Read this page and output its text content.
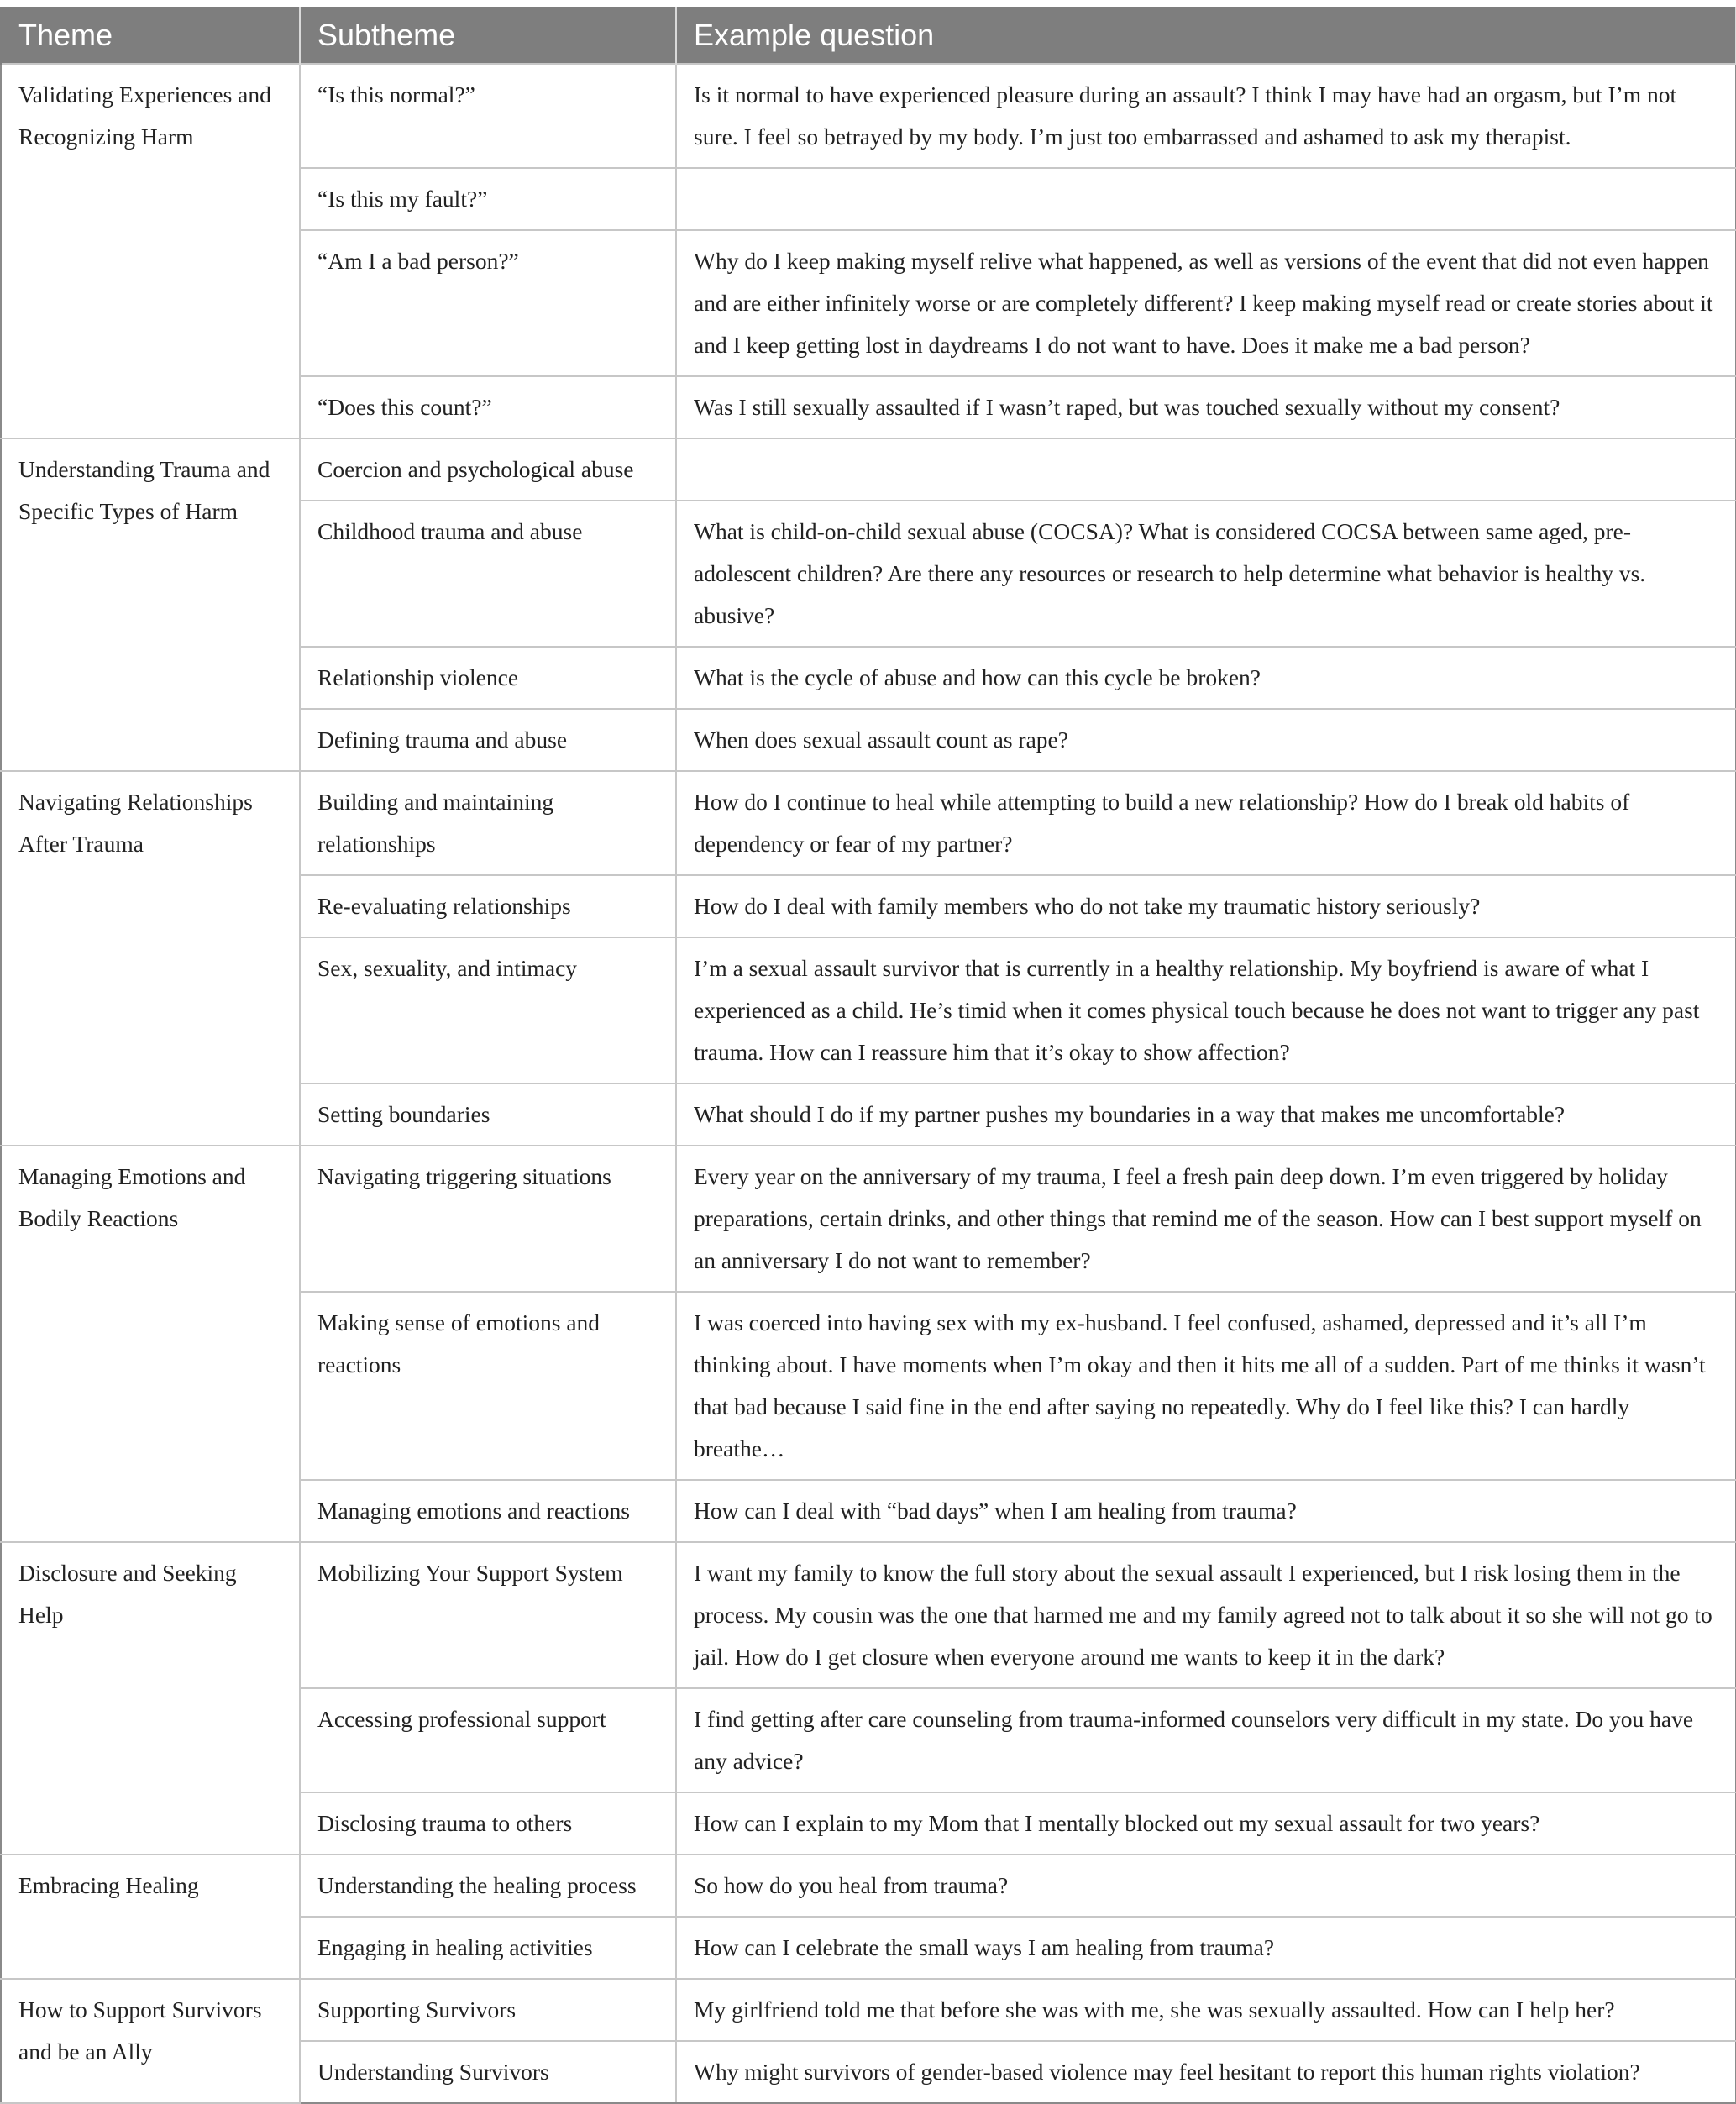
Theme	Subtheme	Example question
Validating Experiences and Recognizing Harm	“Is this normal?”	Is it normal to have experienced pleasure during an assault? I think I may have had an orgasm, but I’m not sure. I feel so betrayed by my body. I’m just too embarrassed and ashamed to ask my therapist.
	“Is this my fault?”	
	“Am I a bad person?”	Why do I keep making myself relive what happened, as well as versions of the event that did not even happen and are either infinitely worse or are completely different? I keep making myself read or create stories about it and I keep getting lost in daydreams I do not want to have. Does it make me a bad person?
	“Does this count?”	Was I still sexually assaulted if I wasn’t raped, but was touched sexually without my consent?
Understanding Trauma and Specific Types of Harm	Coercion and psychological abuse	
	Childhood trauma and abuse	What is child-on-child sexual abuse (COCSA)? What is considered COCSA between same aged, pre-adolescent children? Are there any resources or research to help determine what behavior is healthy vs. abusive?
	Relationship violence	What is the cycle of abuse and how can this cycle be broken?
	Defining trauma and abuse	When does sexual assault count as rape?
Navigating Relationships After Trauma	Building and maintaining relationships	How do I continue to heal while attempting to build a new relationship? How do I break old habits of dependency or fear of my partner?
	Re-evaluating relationships	How do I deal with family members who do not take my traumatic history seriously?
	Sex, sexuality, and intimacy	I’m a sexual assault survivor that is currently in a healthy relationship. My boyfriend is aware of what I experienced as a child. He’s timid when it comes physical touch because he does not want to trigger any past trauma. How can I reassure him that it’s okay to show affection?
	Setting boundaries	What should I do if my partner pushes my boundaries in a way that makes me uncomfortable?
Managing Emotions and Bodily Reactions	Navigating triggering situations	Every year on the anniversary of my trauma, I feel a fresh pain deep down. I’m even triggered by holiday preparations, certain drinks, and other things that remind me of the season. How can I best support myself on an anniversary I do not want to remember?
	Making sense of emotions and reactions	I was coerced into having sex with my ex-husband. I feel confused, ashamed, depressed and it’s all I’m thinking about. I have moments when I’m okay and then it hits me all of a sudden. Part of me thinks it wasn’t that bad because I said fine in the end after saying no repeatedly. Why do I feel like this? I can hardly breathe…
	Managing emotions and reactions	How can I deal with “bad days” when I am healing from trauma?
Disclosure and Seeking Help	Mobilizing Your Support System	I want my family to know the full story about the sexual assault I experienced, but I risk losing them in the process. My cousin was the one that harmed me and my family agreed not to talk about it so she will not go to jail. How do I get closure when everyone around me wants to keep it in the dark?
	Accessing professional support	I find getting after care counseling from trauma-informed counselors very difficult in my state. Do you have any advice?
	Disclosing trauma to others	How can I explain to my Mom that I mentally blocked out my sexual assault for two years?
Embracing Healing	Understanding the healing process	So how do you heal from trauma?
	Engaging in healing activities	How can I celebrate the small ways I am healing from trauma?
How to Support Survivors and be an Ally	Supporting Survivors	My girlfriend told me that before she was with me, she was sexually assaulted. How can I help her?
	Understanding Survivors	Why might survivors of gender-based violence may feel hesitant to report this human rights violation?
